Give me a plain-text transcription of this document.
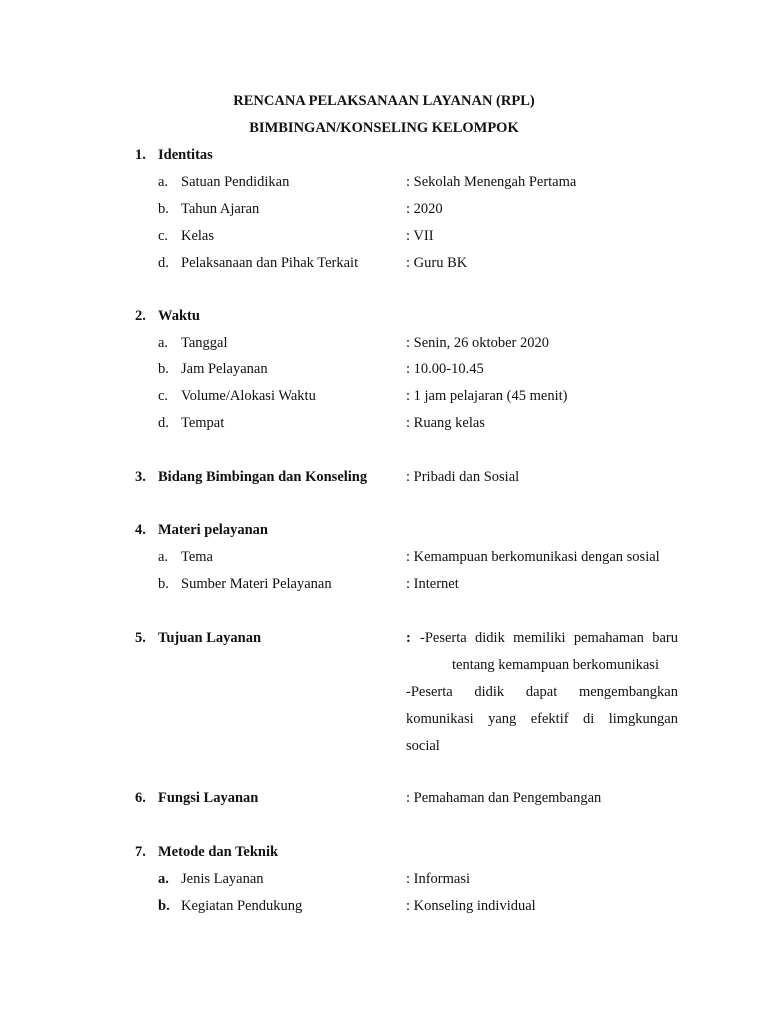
RENCANA PELAKSANAAN LAYANAN (RPL)
BIMBINGAN/KONSELING KELOMPOK
1. Identitas
a. Satuan Pendidikan	: Sekolah Menengah Pertama
b. Tahun Ajaran	: 2020
c. Kelas	: VII
d. Pelaksanaan dan Pihak Terkait	: Guru BK
2. Waktu
a. Tanggal	: Senin, 26 oktober 2020
b. Jam Pelayanan	: 10.00-10.45
c. Volume/Alokasi Waktu	: 1 jam pelajaran (45 menit)
d. Tempat	: Ruang kelas
3. Bidang Bimbingan dan Konseling	: Pribadi dan Sosial
4. Materi pelayanan
a. Tema	: Kemampuan berkomunikasi dengan sosial
b. Sumber Materi Pelayanan	: Internet
5. Tujuan Layanan	: -Peserta didik memiliki pemahaman baru
tentang kemampuan berkomunikasi
-Peserta didik dapat mengembangkan
komunikasi yang efektif di limgkungan
social
6. Fungsi Layanan	: Pemahaman dan Pengembangan
7. Metode dan Teknik
a. Jenis Layanan	: Informasi
b. Kegiatan Pendukung	: Konseling individual
